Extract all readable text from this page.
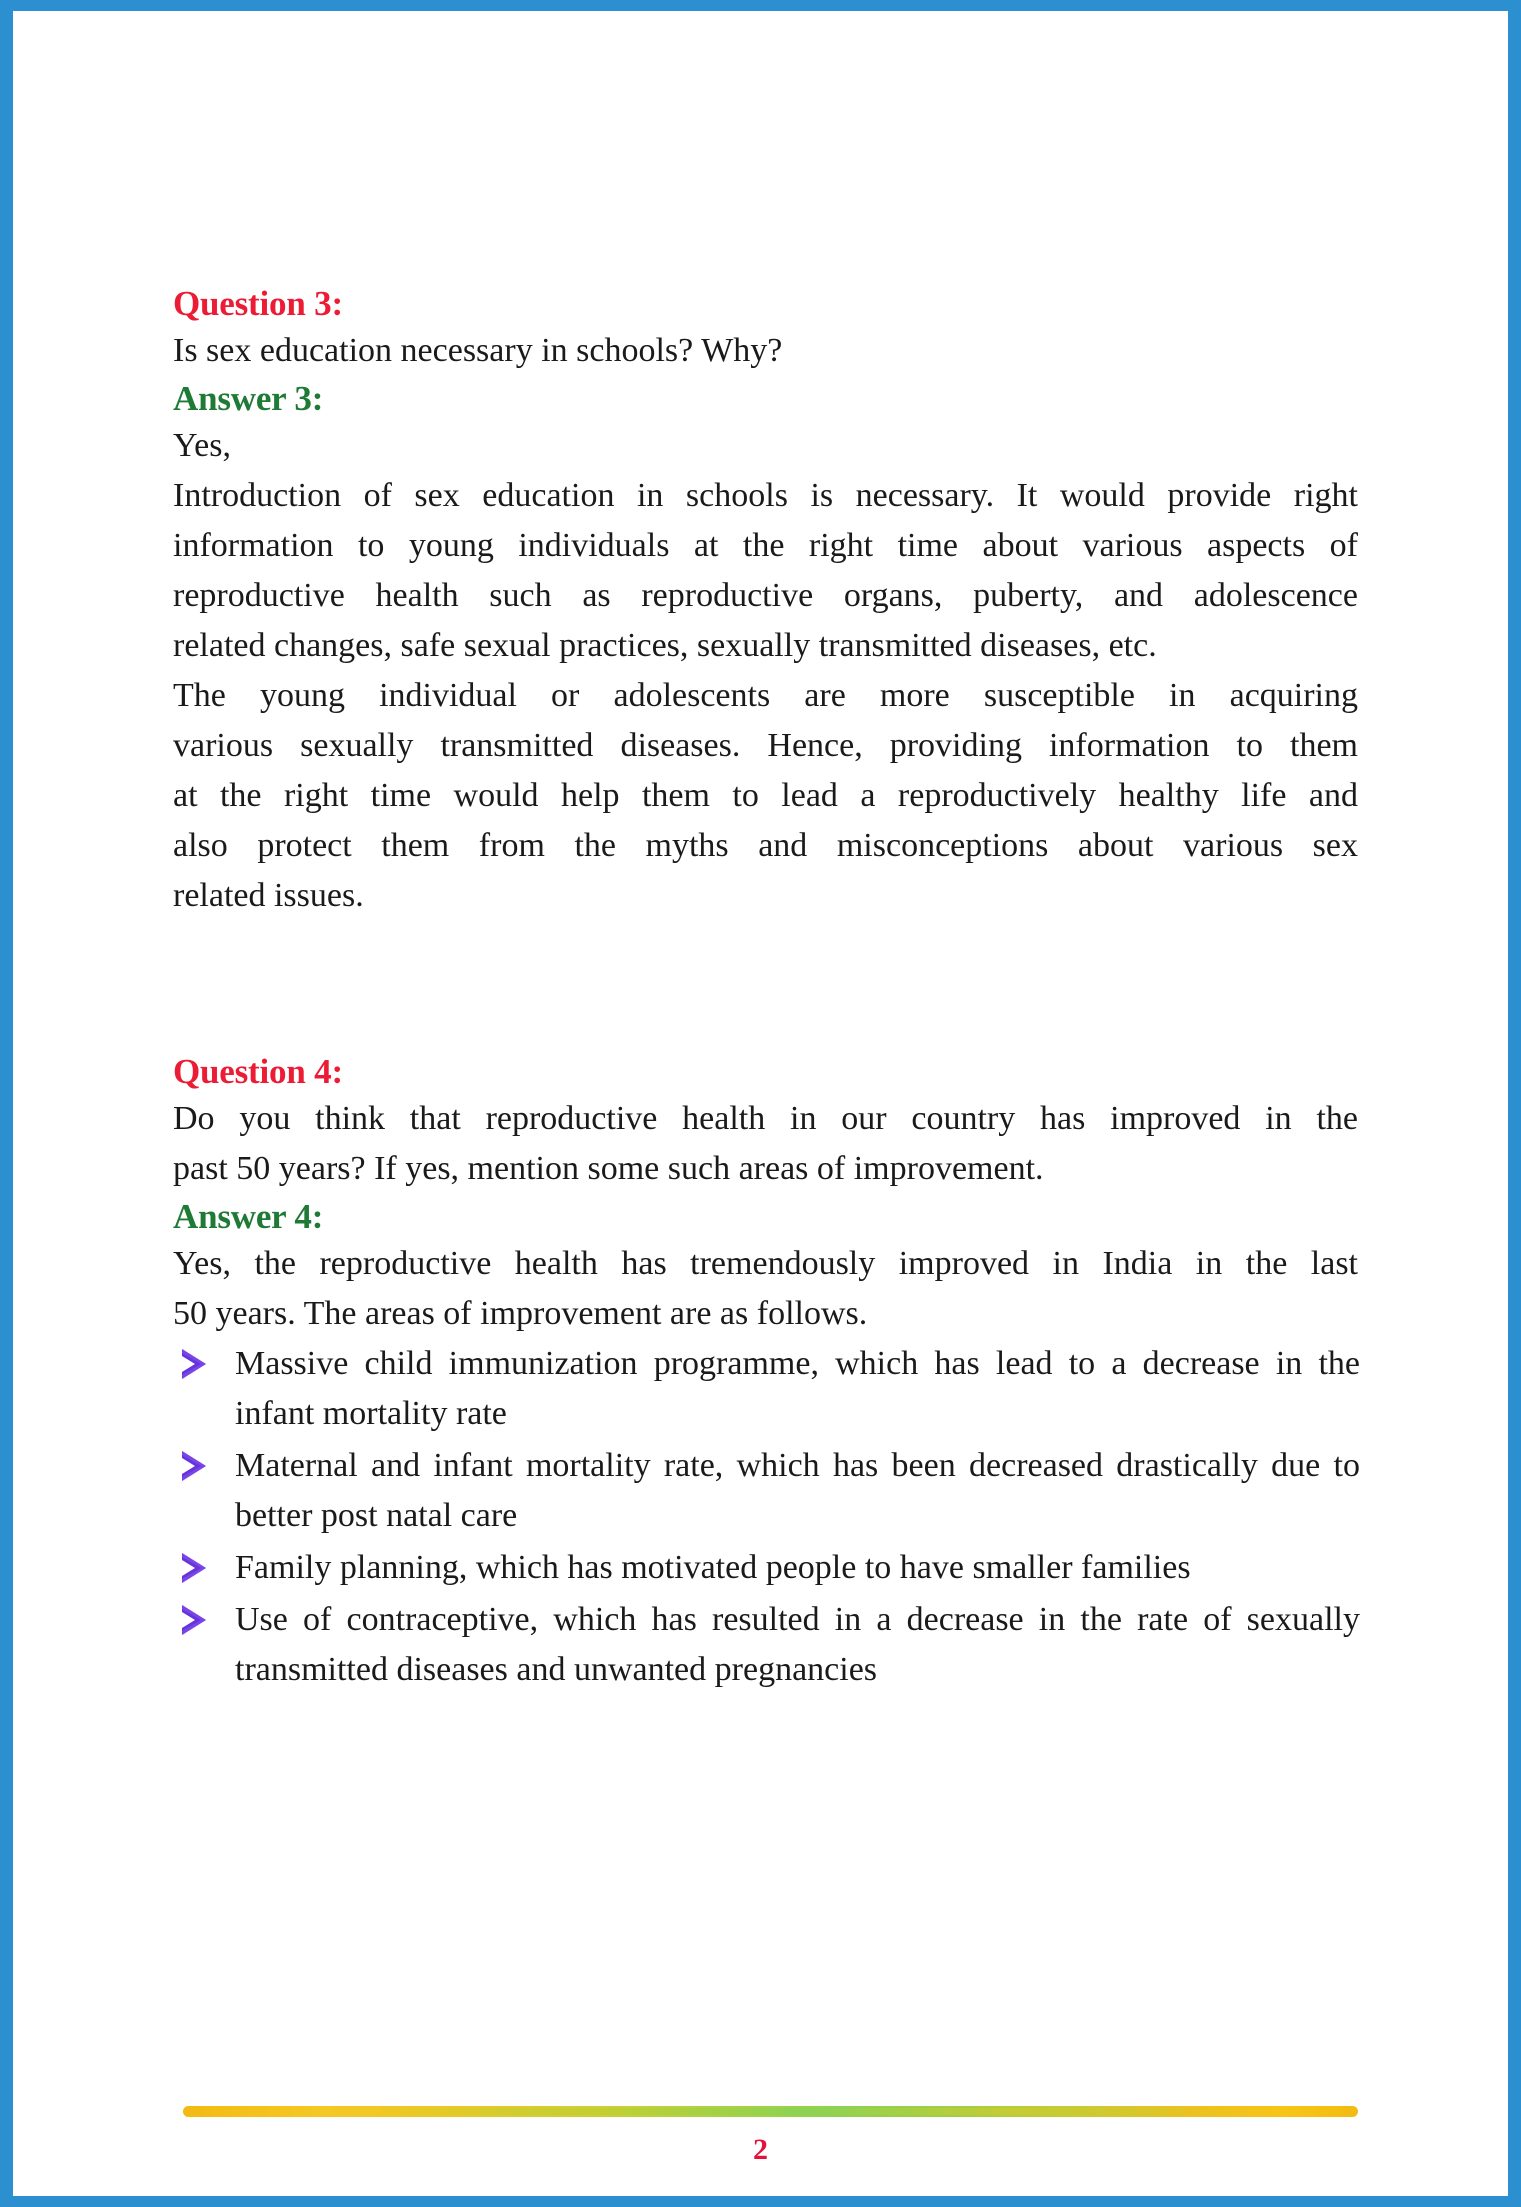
Question 3:

Is sex education necessary in schools? Why?

Answer 3:

Yes,

Introduction of sex education in schools is necessary. It would provide right

information to young individuals at the right time about various aspects of

reproductive health such as reproductive organs, puberty, and adolescence

related changes, safe sexual practices, sexually transmitted diseases, etc.

The young individual or adolescents are more susceptible in acquiring

various sexually transmitted diseases. Hence, providing information to them

at the right time would help them to lead a reproductively healthy life and

also protect them from the myths and misconceptions about various sex

related issues.

Question 4:

Do you think that reproductive health in our country has improved in the

past 50 years? If yes, mention some such areas of improvement.

Answer 4:

Yes, the reproductive health has tremendously improved in India in the last

50 years. The areas of improvement are as follows.

Massive child immunization programme, which has lead to a decrease in the infant mortality rate
Maternal and infant mortality rate, which has been decreased drastically due to better post natal care
Family planning, which has motivated people to have smaller families
Use of contraceptive, which has resulted in a decrease in the rate of sexually transmitted diseases and unwanted pregnancies
2
